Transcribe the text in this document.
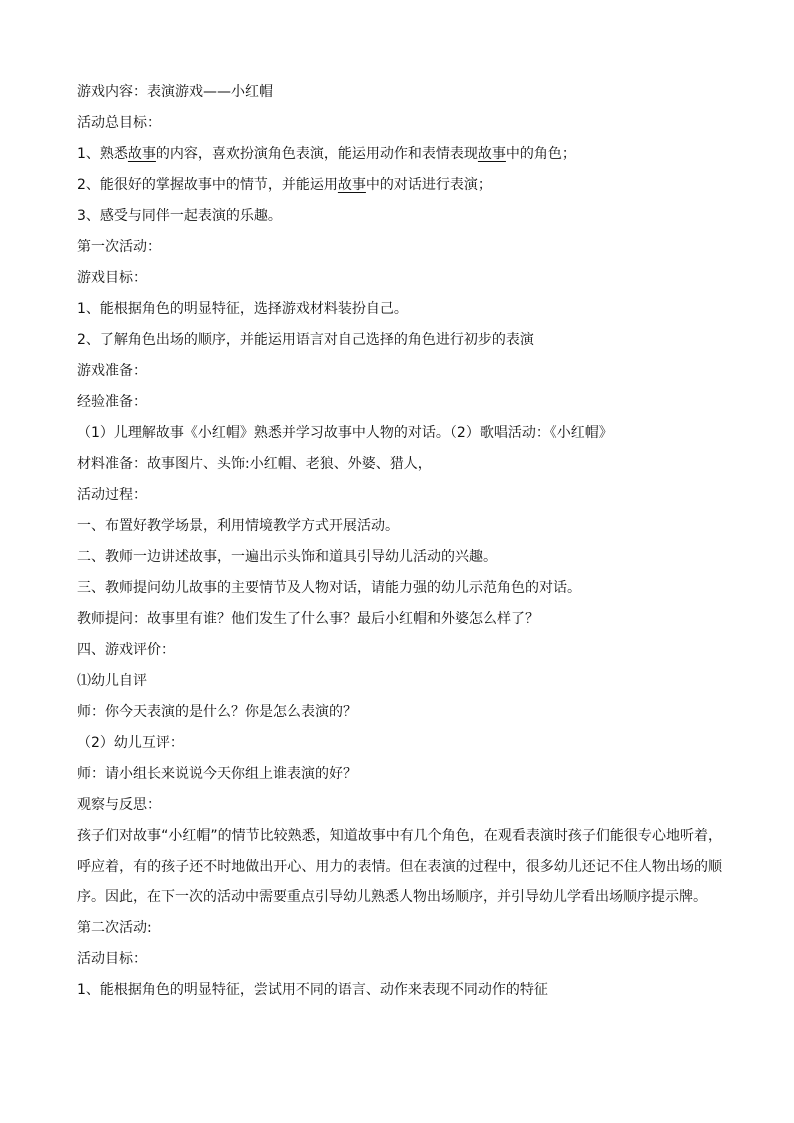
游戏内容：表演游戏——小红帽
活动总目标：
1、熟悉故事的内容，喜欢扮演角色表演，能运用动作和表情表现故事中的角色；
2、能很好的掌握故事中的情节，并能运用故事中的对话进行表演；
3、感受与同伴一起表演的乐趣。
第一次活动：
游戏目标：
1、能根据角色的明显特征，选择游戏材料装扮自己。
2、了解角色出场的顺序，并能运用语言对自己选择的角色进行初步的表演
游戏准备：
经验准备：
（1）儿理解故事《小红帽》熟悉并学习故事中人物的对话。（2）歌唱活动：《小红帽》
材料准备：故事图片、头饰:小红帽、老狼、外婆、猎人，
活动过程：
一、布置好教学场景，利用情境教学方式开展活动。
二、教师一边讲述故事，一遍出示头饰和道具引导幼儿活动的兴趣。
三、教师提问幼儿故事的主要情节及人物对话，请能力强的幼儿示范角色的对话。
教师提问：故事里有谁？他们发生了什么事？最后小红帽和外婆怎么样了？
四、游戏评价：
⑴幼儿自评
师：你今天表演的是什么？你是怎么表演的？
（2）幼儿互评：
师：请小组长来说说今天你组上谁表演的好？
观察与反思：
孩子们对故事“小红帽”的情节比较熟悉，知道故事中有几个角色，在观看表演时孩子们能很专心地听着，呼应着，有的孩子还不时地做出开心、用力的表情。但在表演的过程中，很多幼儿还记不住人物出场的顺序。因此，在下一次的活动中需要重点引导幼儿熟悉人物出场顺序，并引导幼儿学看出场顺序提示牌。
第二次活动:
活动目标：
1、能根据角色的明显特征，尝试用不同的语言、动作来表现不同动作的特征
